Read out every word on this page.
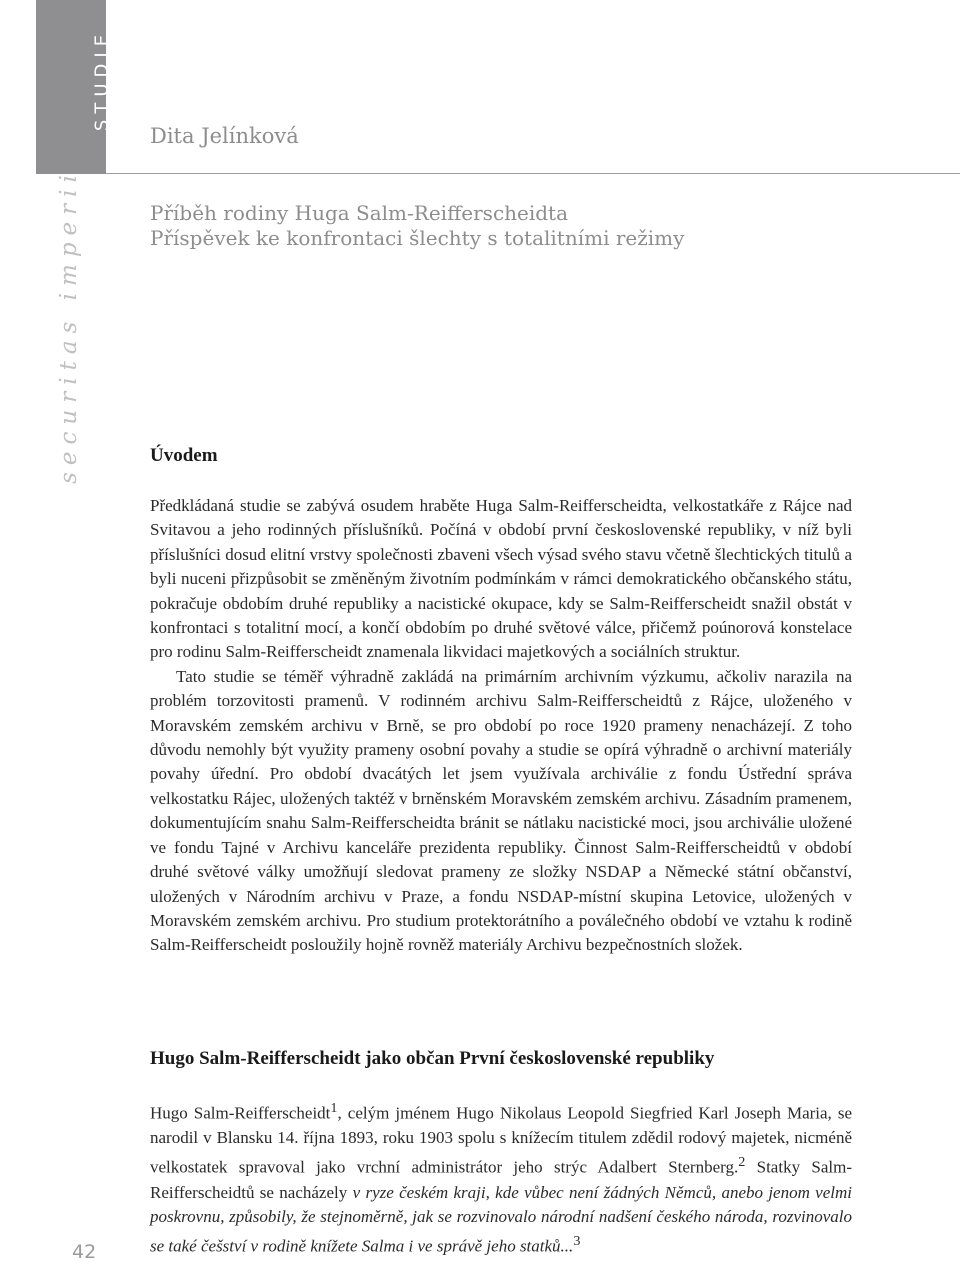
STUDIE
securitas imperii
Dita Jelínková
Příběh rodiny Huga Salm-Reifferscheidta
Příspěvek ke konfrontaci šlechty s totalitními režimy
Úvodem

Předkládaná studie se zabývá osudem hraběte Huga Salm-Reifferscheidta, velkostatkáře z Rájce nad Svitavou a jeho rodinných příslušníků. Počíná v období první československé republiky, v níž byli příslušníci dosud elitní vrstvy společnosti zbaveni všech výsad svého stavu včetně šlechtických titulů a byli nuceni přizpůsobit se změněným životním podmínkám v rámci demokratického občanského státu, pokračuje obdobím druhé republiky a nacistické okupace, kdy se Salm-Reifferscheidt snažil obstát v konfrontaci s totalitní mocí, a končí obdobím po druhé světové válce, přičemž poúnorová konstelace pro rodinu Salm-Reifferscheidt znamenala likvidaci majetkových a sociálních struktur.

Tato studie se téměř výhradně zakládá na primárním archivním výzkumu, ačkoliv narazila na problém torzovitosti pramenů. V rodinném archivu Salm-Reifferscheidtů z Rájce, uloženého v Moravském zemském archivu v Brně, se pro období po roce 1920 prameny nenacházejí. Z toho důvodu nemohly být využity prameny osobní povahy a studie se opírá výhradně o archivní materiály povahy úřední. Pro období dvacátých let jsem využívala archiválie z fondu Ústřední správa velkostatku Rájec, uložených taktéž v brněnském Moravském zemském archivu. Zásadním pramenem, dokumentujícím snahu Salm-Reifferscheidta bránit se nátlaku nacistické moci, jsou archiválie uložené ve fondu Tajné v Archivu kanceláře prezidenta republiky. Činnost Salm-Reifferscheidtů v období druhé světové války umožňují sledovat prameny ze složky NSDAP a Německé státní občanství, uložených v Národním archivu v Praze, a fondu NSDAP-místní skupina Letovice, uložených v Moravském zemském archivu. Pro studium protektorátního a poválečného období ve vztahu k rodině Salm-Reifferscheidt posloužily hojně rovněž materiály Archivu bezpečnostních složek.

Hugo Salm-Reifferscheidt jako občan První československé republiky

Hugo Salm-Reifferscheidt$^1$, celým jménem Hugo Nikolaus Leopold Siegfried Karl Joseph Maria, se narodil v Blansku 14. října 1893, roku 1903 spolu s knížecím titulem zdědil rodový majetek, nicméně velkostatek spravoval jako vrchní administrátor jeho strýc Adalbert Sternberg.$^2$ Statky Salm-Reifferscheidtů se nacházely v ryze českém kraji, kde vůbec není žádných Němců, anebo jenom velmi poskrovnu, způsobily, že stejnoměrně, jak se rozvinovalo národní nadšení českého národa, rozvinovalo se také češství v rodině knížete Salma i ve správě jeho statků...$^3$

42
